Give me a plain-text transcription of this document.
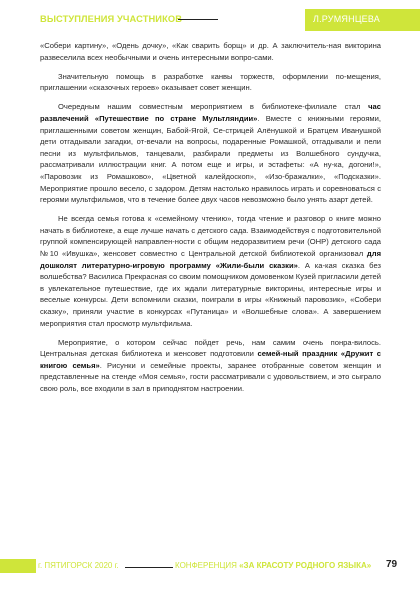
ВЫСТУПЛЕНИЯ УЧАСТНИКОВ	Л.РУМЯНЦЕВА

«Собери картину», «Одень дочку», «Как сварить борщ» и др. А заключитель-ная викторина развеселила всех необычными и очень интересными вопро-сами.

Значительную помощь в разработке канвы торжеств, оформлении по-мещения, приглашении «сказочных героев» оказывает совет женщин.

Очередным нашим совместным мероприятием в библиотеке-филиале стал час развлечений «Путешествие по стране Мультляндии». Вместе с книжными героями, приглашенными советом женщин, Бабой-Ягой, Се-стрицей Алёнушкой и Братцем Иванушкой дети отгадывали загадки, от-вечали на вопросы, подаренные Ромашкой, отгадывали и пели песни из мультфильмов, танцевали, разбирали предметы из Волшебного сундучка, рассматривали иллюстрации книг. А потом еще и игры, и эстафеты: «А ну-ка, догони!», «Паровозик из Ромашково», «Цветной калейдоскоп», «Изо-бражалки», «Подсказки». Мероприятие прошло весело, с задором. Детям настолько нравилось играть и соревноваться с героями мультфильмов, что в течение более двух часов невозможно было унять азарт детей.

Не всегда семья готова к «семейному чтению», тогда чтение и разговор о книге можно начать в библиотеке, а еще лучше начать с детского сада. Взаимодействуя с подготовительной группой компенсирующей направлен-ности с общим недоразвитием речи (ОНР) детского сада №10 «Ивушка», женсовет совместно с Центральной детской библиотекой организовал для дошколят литературно-игровую программу «Жили-были сказки». А ка-кая сказка без волшебства? Василиса Прекрасная со своим помощником домовенком Кузей пригласили детей в увлекательное путешествие, где их ждали литературные викторины, интересные игры и веселые конкурсы. Дети вспомнили сказки, поиграли в игры «Книжный паровозик», «Собери сказку», приняли участие в конкурсах «Путаница» и «Волшебные слова». А завершением мероприятия стал просмотр мультфильма.

Мероприятие, о котором сейчас пойдет речь, нам самим очень понра-вилось. Центральная детская библиотека и женсовет подготовили семей-ный праздник «Дружит с книгою семья». Рисунки и семейные проекты, заранее отобранные советом женщин и представленные на стенде «Моя семья», гости рассматривали с удовольствием, и это сыграло свою роль, все входили в зал в приподнятом настроении.

г. ПЯТИГОРСК 2020 г.	КОНФЕРЕНЦИЯ «ЗА КРАСОТУ РОДНОГО ЯЗЫКА» 79
